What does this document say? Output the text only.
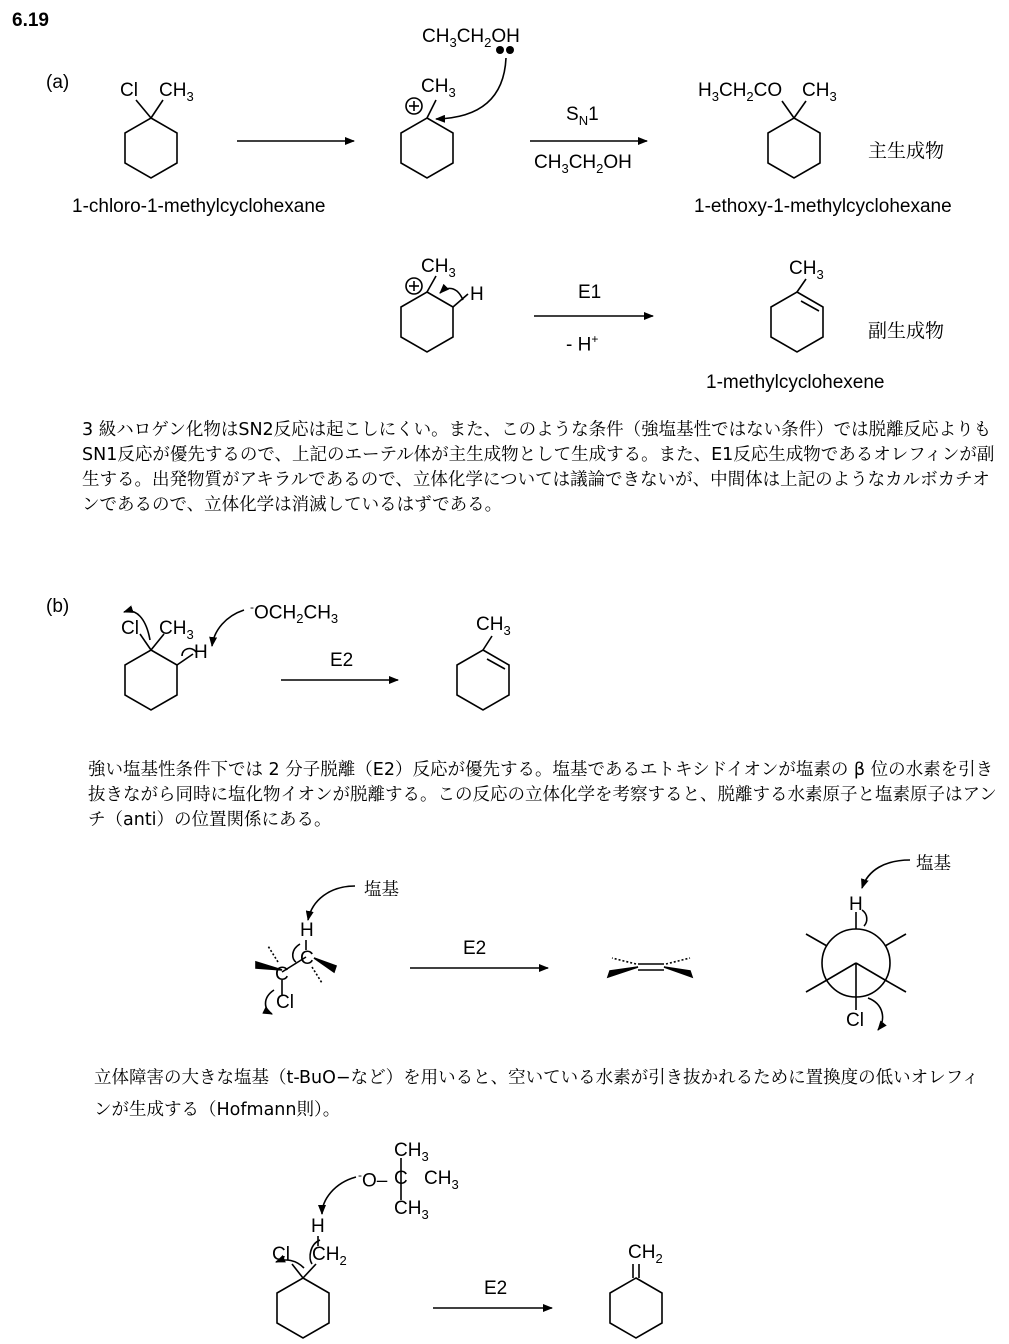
6.19
(a)	Cl $CH_3$
$CH_3CH_2OH$
$CH_3$
$S_N1$
$CH_3CH_2OH$
$H_3CH_2CO$ $CH_3$
主生成物
1-chloro-1-methylcyclohexane	1-ethoxy-1-methylcyclohexane
$CH_3$
H	E1
- H+
$CH_3$
副生成物
1-methylcyclohexene
3 級ハロゲン化物はSN2反応は起こしにくい。また、このような条件（強塩基性ではない条件）では脱離反応よりもSN1反応が優先するので、上記のエーテル体が主生成物として生成する。また、E1反応生成物であるオレフィンが副生する。出発物質がアキラルであるので、立体化学については議論できないが、中間体は上記のようなカルボカチオンであるので、立体化学は消滅しているはずである。
(b)
Cl $CH_3$
H
$^-OCH_2CH_3$
E2
$CH_3$
強い塩基性条件下では 2 分子脱離（E2）反応が優先する。塩基であるエトキシドイオンが塩素の β 位の水素を引き抜きながら同時に塩化物イオンが脱離する。この反応の立体化学を考察すると、脱離する水素原子と塩素原子はアンチ（anti）の位置関係にある。
塩基
H
C
C
Cl
E2
塩基
H
Cl
立体障害の大きな塩基（t-BuO−など）を用いると、空いている水素が引き抜かれるために置換度の低いオレフィンが生成する（Hofmann則）。
$CH_3$
-O– C $CH_3$
$CH_3$
H
Cl $CH_2$
E2
$CH_2$
